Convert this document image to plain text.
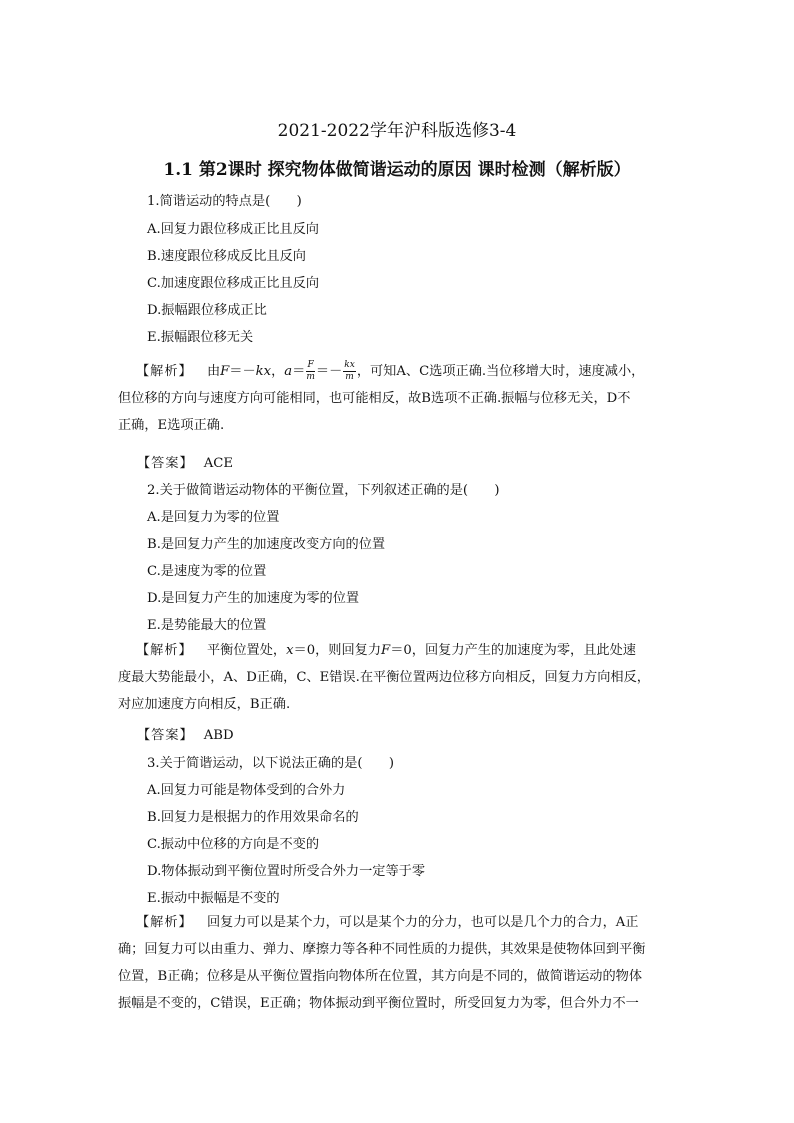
2021-2022学年沪科版选修3-4
1.1 第2课时 探究物体做简谐运动的原因 课时检测（解析版）
1.简谐运动的特点是(　　)
A.回复力跟位移成正比且反向
B.速度跟位移成反比且反向
C.加速度跟位移成正比且反向
D.振幅跟位移成正比
E.振幅跟位移无关
【解析】 由F＝－kx，$a= \frac{F}{m} =- \frac{kx}{m}$ ，可知A、C选项正确.当位移增大时，速度减小，
但位移的方向与速度方向可能相同，也可能相反，故B选项不正确.振幅与位移无关，D不
正确，E选项正确.
【答案】 ACE
2.关于做简谐运动物体的平衡位置，下列叙述正确的是(　　)
A.是回复力为零的位置
B.是回复力产生的加速度改变方向的位置
C.是速度为零的位置
D.是回复力产生的加速度为零的位置
E.是势能最大的位置
【解析】 平衡位置处，x＝0，则回复力F＝0，回复力产生的加速度为零，且此处速
度最大势能最小，A、D正确，C、E错误.在平衡位置两边位移方向相反，回复力方向相反，
对应加速度方向相反，B正确.
【答案】 ABD
3.关于简谐运动，以下说法正确的是(　　)
A.回复力可能是物体受到的合外力
B.回复力是根据力的作用效果命名的
C.振动中位移的方向是不变的
D.物体振动到平衡位置时所受合外力一定等于零
E.振动中振幅是不变的
【解析】 回复力可以是某个力，可以是某个力的分力，也可以是几个力的合力，A正
确；回复力可以由重力、弹力、摩擦力等各种不同性质的力提供，其效果是使物体回到平衡
位置，B正确；位移是从平衡位置指向物体所在位置，其方向是不同的，做简谐运动的物体
振幅是不变的，C错误，E正确；物体振动到平衡位置时，所受回复力为零，但合外力不一
